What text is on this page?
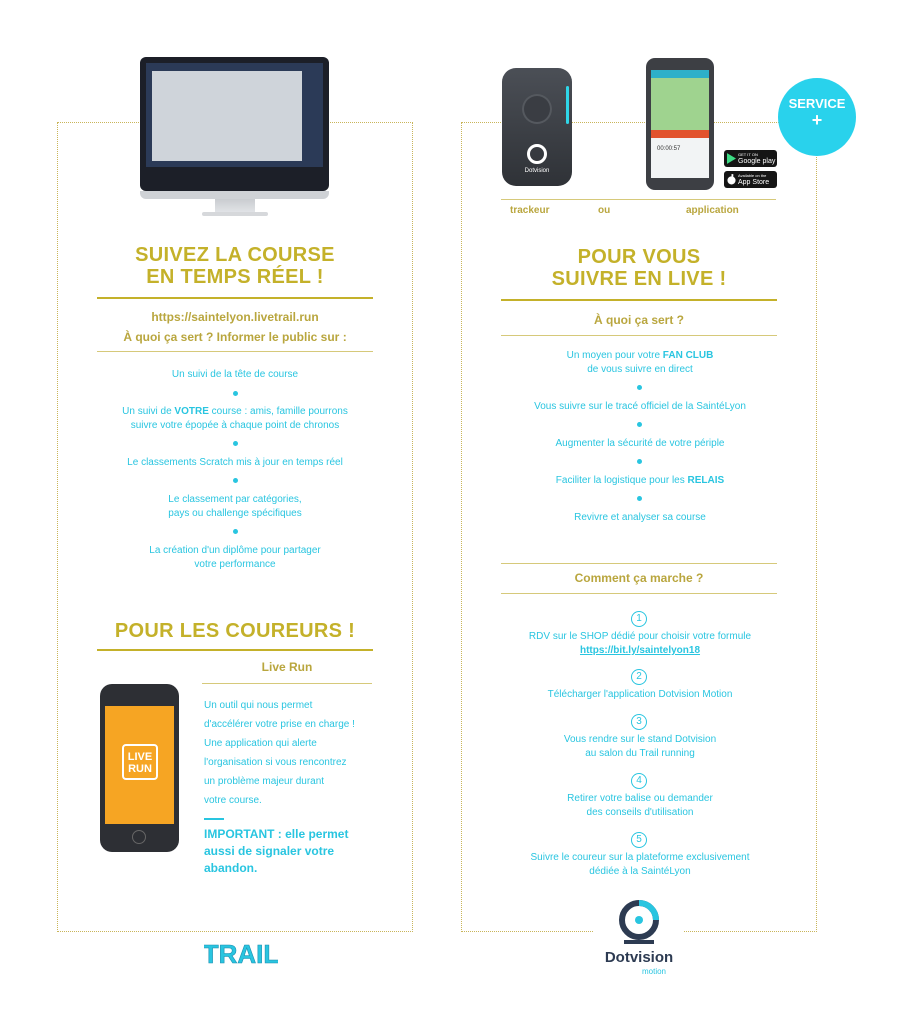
SUIVEZ LA COURSE
EN TEMPS RÉEL !
https://saintelyon.livetrail.run
À quoi ça sert ? Informer le public sur :
Un suivi de la tête de course
Un suivi de VOTRE course : amis, famille pourrons
suivre votre épopée à chaque point de chronos
Le classements Scratch mis à jour en temps réel
Le classement par catégories,
pays ou challenge spécifiques
La création d'un diplôme pour partager
votre performance
POUR LES COUREURS !
Live Run
LIVE
RUN
Un outil qui nous permet
d'accélérer votre prise en charge !
Une application qui alerte
l'organisation si vous rencontrez
un problème majeur durant
votre course.
IMPORTANT : elle permet
aussi de signaler votre
abandon.
TRAIL
Dotvision
00:00:57
GET IT ON
Google play
Available on the
App Store
SERVICE
+
trackeur	ou	application
POUR VOUS
SUIVRE EN LIVE !
À quoi ça sert ?
Un moyen pour votre FAN CLUB
de vous suivre en direct
Vous suivre sur le tracé officiel de la SaintéLyon
Augmenter la sécurité de votre périple
Faciliter la logistique pour les RELAIS
Revivre et analyser sa course
Comment ça marche ?
1
RDV sur le SHOP dédié pour choisir votre formule
https://bit.ly/saintelyon18
2
Télécharger l'application Dotvision Motion
3
Vous rendre sur le stand Dotvision
au salon du Trail running
4
Retirer votre balise ou demander
des conseils d'utilisation
5
Suivre le coureur sur la plateforme exclusivement
dédiée à la SaintéLyon
Dotvision
motion
